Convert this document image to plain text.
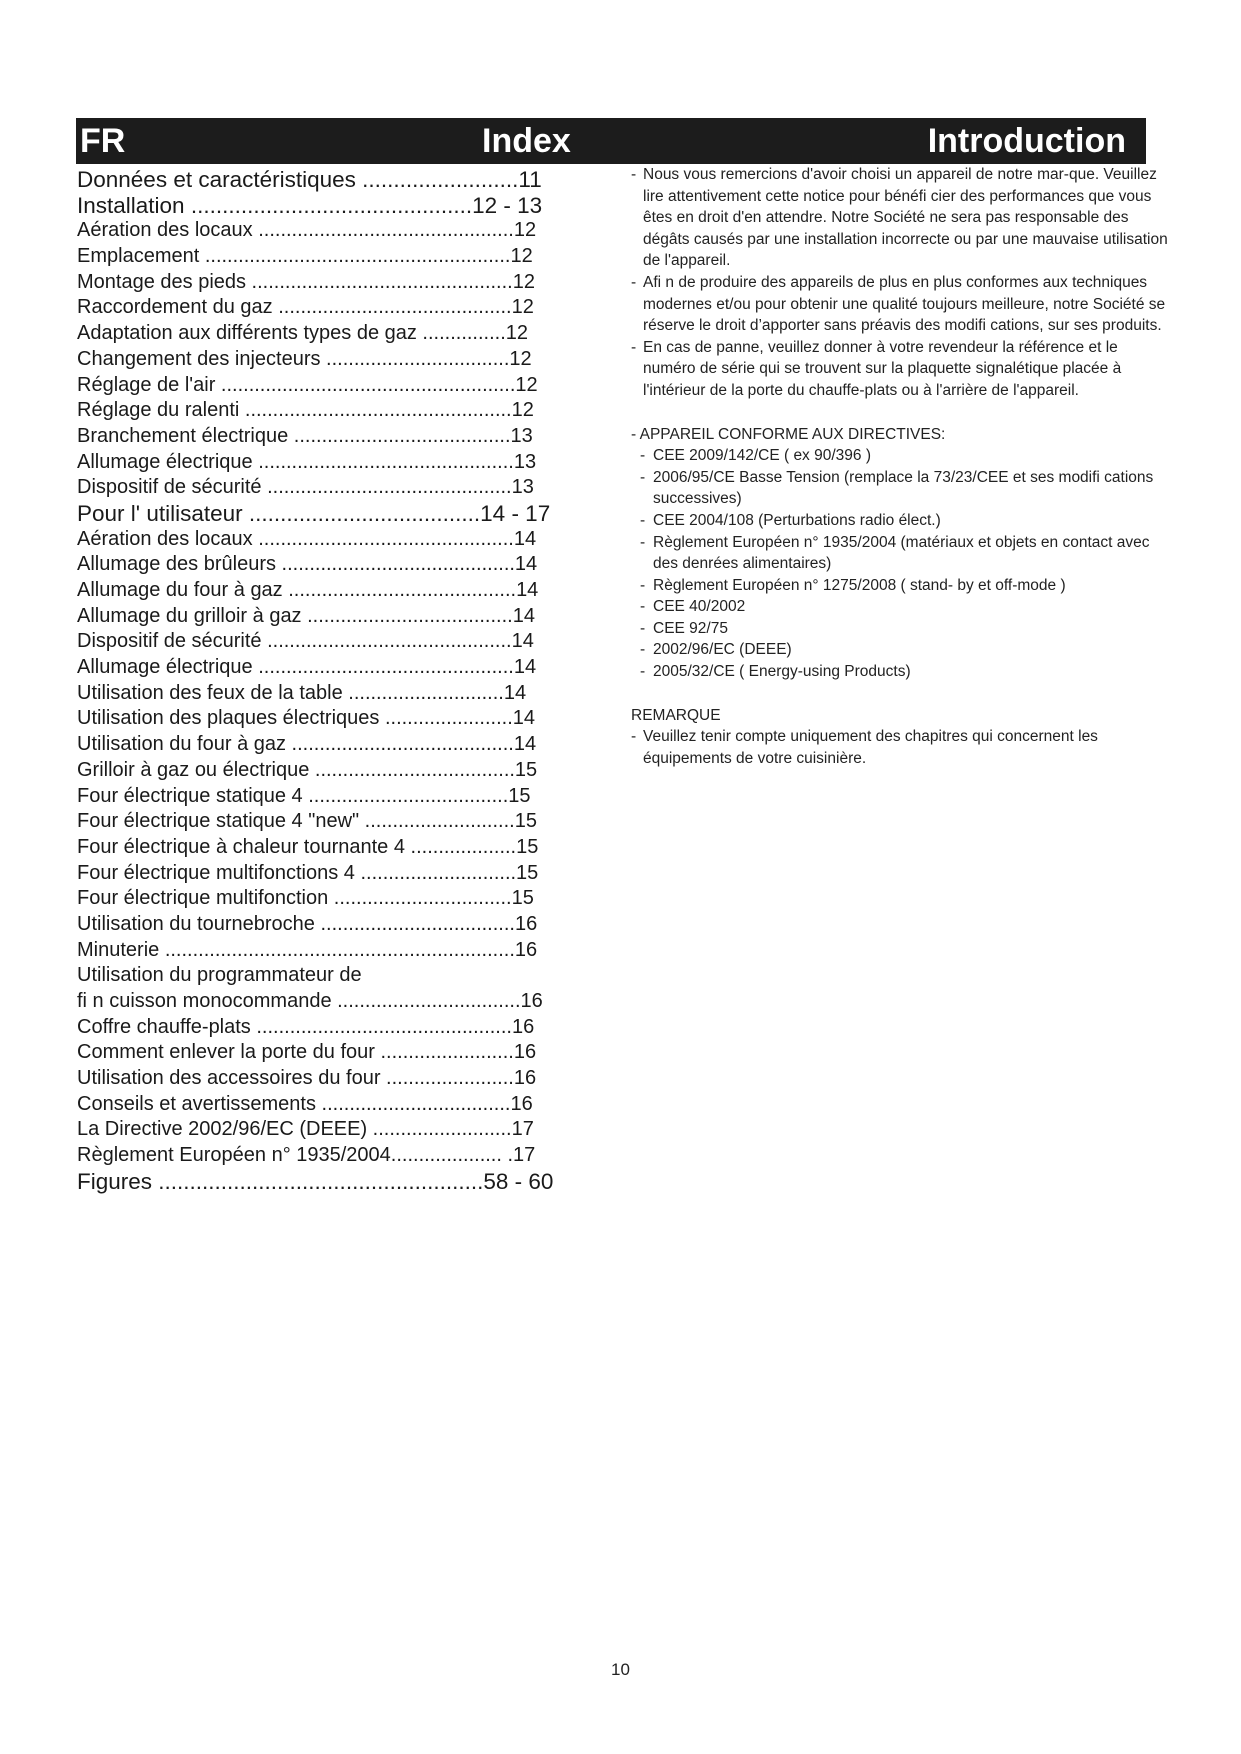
FR	Index	Introduction
Données et caractéristiques .........................11
Installation .............................................12 - 13
Aération des locaux ..............................................12
Emplacement .......................................................12
Montage des pieds ...............................................12
Raccordement du gaz ..........................................12
Adaptation aux différents types de gaz ...............12
Changement des injecteurs .................................12
Réglage de l'air .....................................................12
Réglage du ralenti ................................................12
Branchement électrique .......................................13
Allumage électrique ..............................................13
Dispositif de sécurité ............................................13
Pour l' utilisateur .....................................14 - 17
Aération des locaux ..............................................14
Allumage des brûleurs ..........................................14
Allumage du four à gaz .........................................14
Allumage du grilloir à gaz .....................................14
Dispositif de sécurité ............................................14
Allumage électrique ..............................................14
Utilisation des feux de la table ............................14
Utilisation des plaques électriques .......................14
Utilisation du four à gaz ........................................14
Grilloir à gaz ou électrique ....................................15
Four électrique statique 4 ....................................15
Four électrique statique 4 "new" ...........................15
Four électrique à chaleur tournante 4 ...................15
Four électrique multifonctions 4 ............................15
Four électrique multifonction ................................15
Utilisation du tournebroche ...................................16
Minuterie ...............................................................16
Utilisation du programmateur de
fi n cuisson monocommande .................................16
Coffre chauffe-plats ..............................................16
Comment enlever la porte du four ........................16
Utilisation des accessoires du four .......................16
Conseils et avertissements ..................................16
La Directive 2002/96/EC (DEEE) .........................17
Règlement Européen n° 1935/2004.................... .17
Figures ....................................................58 - 60

- Nous vous remercions d'avoir choisi un appareil de notre mar-que. Veuillez lire attentivement cette notice pour bénéfi cier des performances que vous êtes en droit d'en attendre. Notre Société ne sera pas responsable des dégâts causés par une installation incorrecte ou par une mauvaise utilisation de l'appareil.

- Afi n de produire des appareils de plus en plus conformes aux techniques modernes et/ou pour obtenir une qualité toujours meilleure, notre Société se réserve le droit d’apporter sans préavis des modifi cations, sur ses produits.

- En cas de panne, veuillez donner à votre revendeur la référence et le numéro de série qui se trouvent sur la plaquette signalétique placée à l'intérieur de la porte du chauffe-plats ou à l'arrière de l'appareil.

- APPAREIL CONFORME AUX DIRECTIVES:
- CEE 2009/142/CE ( ex 90/396 )
- 2006/95/CE Basse Tension (remplace la 73/23/CEE et ses modifi cations successives)
- CEE 2004/108 (Perturbations radio élect.)
- Règlement Européen n° 1935/2004 (matériaux et objets en contact avec des denrées alimentaires)
- Règlement Européen n° 1275/2008 ( stand- by et off-mode )
- CEE 40/2002
- CEE 92/75
- 2002/96/EC (DEEE)
- 2005/32/CE ( Energy-using Products)
REMARQUE

- Veuillez tenir compte uniquement des chapitres qui concernent les équipements de votre cuisinière.

10
